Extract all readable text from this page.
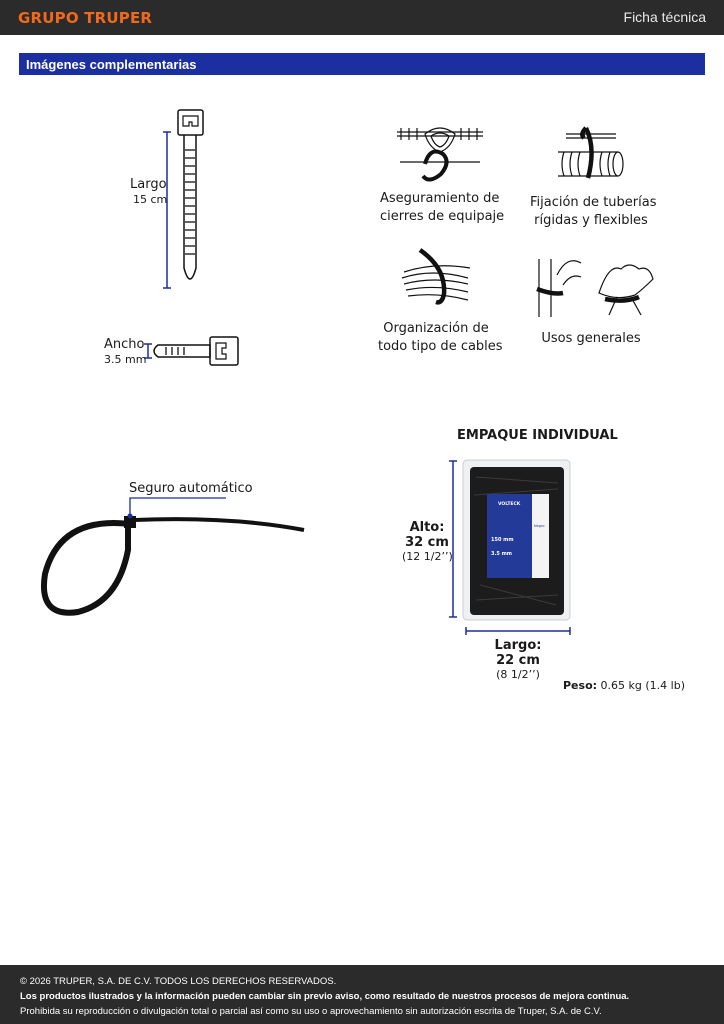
GRUPO TRUPER	Ficha técnica
Imágenes complementarias
Largo
15 cm
Ancho
3.5 mm
Aseguramiento de
cierres de equipaje
Fijación de tuberías
rígidas y flexibles
Organización de
todo tipo de cables
Usos generales
Seguro automático
EMPAQUE INDIVIDUAL
VOLTECK
150 mm
3.5 mm
Negro
Alto:
32 cm
(12 1/2’’)
Largo:
22 cm
(8 1/2’’)
Peso: 0.65 kg (1.4 lb)
© 2026 TRUPER, S.A. DE C.V. TODOS LOS DERECHOS RESERVADOS.
Los productos ilustrados y la información pueden cambiar sin previo aviso, como resultado de nuestros procesos de mejora continua.
Prohibida su reproducción o divulgación total o parcial así como su uso o aprovechamiento sin autorización escrita de Truper, S.A. de C.V.
